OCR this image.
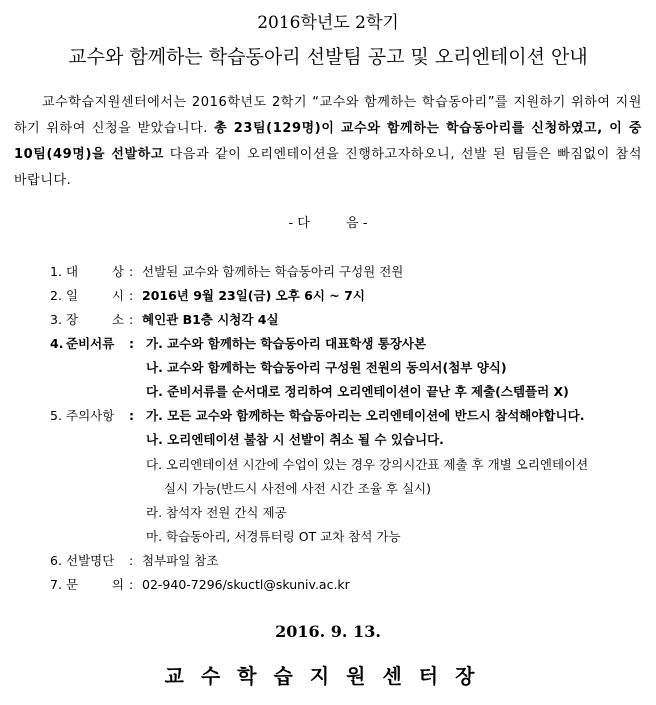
2016학년도 2학기
교수와 함께하는 학습동아리 선발팀 공고 및 오리엔테이션 안내
교수학습지원센터에서는 2016학년도 2학기 “교수와 함께하는 학습동아리”를 지원하기 위하여 지원하기 위하여 신청을 받았습니다. 총 23팀(129명)이 교수와 함께하는 학습동아리를 신청하였고, 이 중 10팀(49명)을 선발하고 다음과 같이 오리엔테이션을 진행하고자하오니, 선발 된 팀들은 빠짐없이 참석바랍니다.
- 다	음 -
1. 대	상 : 선발된 교수와 함께하는 학습동아리 구성원 전원
2. 일	시 : 2016년 9월 23일(금) 오후 6시 ~ 7시
3. 장	소 : 혜인관 B1층 시청각 4실
4. 준비서류	: 가. 교수와 함께하는 학습동아리 대표학생 통장사본
나. 교수와 함께하는 학습동아리 구성원 전원의 동의서(첨부 양식)
다. 준비서류를 순서대로 정리하여 오리엔테이션이 끝난 후 제출(스템플러 X)
5. 주의사항	: 가. 모든 교수와 함께하는 학습동아리는 오리엔테이션에 반드시 참석해야합니다.
나. 오리엔테이션 불참 시 선발이 취소 될 수 있습니다.
다. 오리엔테이션 시간에 수업이 있는 경우 강의시간표 제출 후 개별 오리엔테이션
실시 가능(반드시 사전에 사전 시간 조율 후 실시)
라. 참석자 전원 간식 제공
마. 학습동아리, 서경튜터링 OT 교차 참석 가능
6. 선발명단	: 첨부파일 참조
7. 문	의 : 02-940-7296/skuctl@skuniv.ac.kr
2016. 9. 13.
교수학습지원센터장
